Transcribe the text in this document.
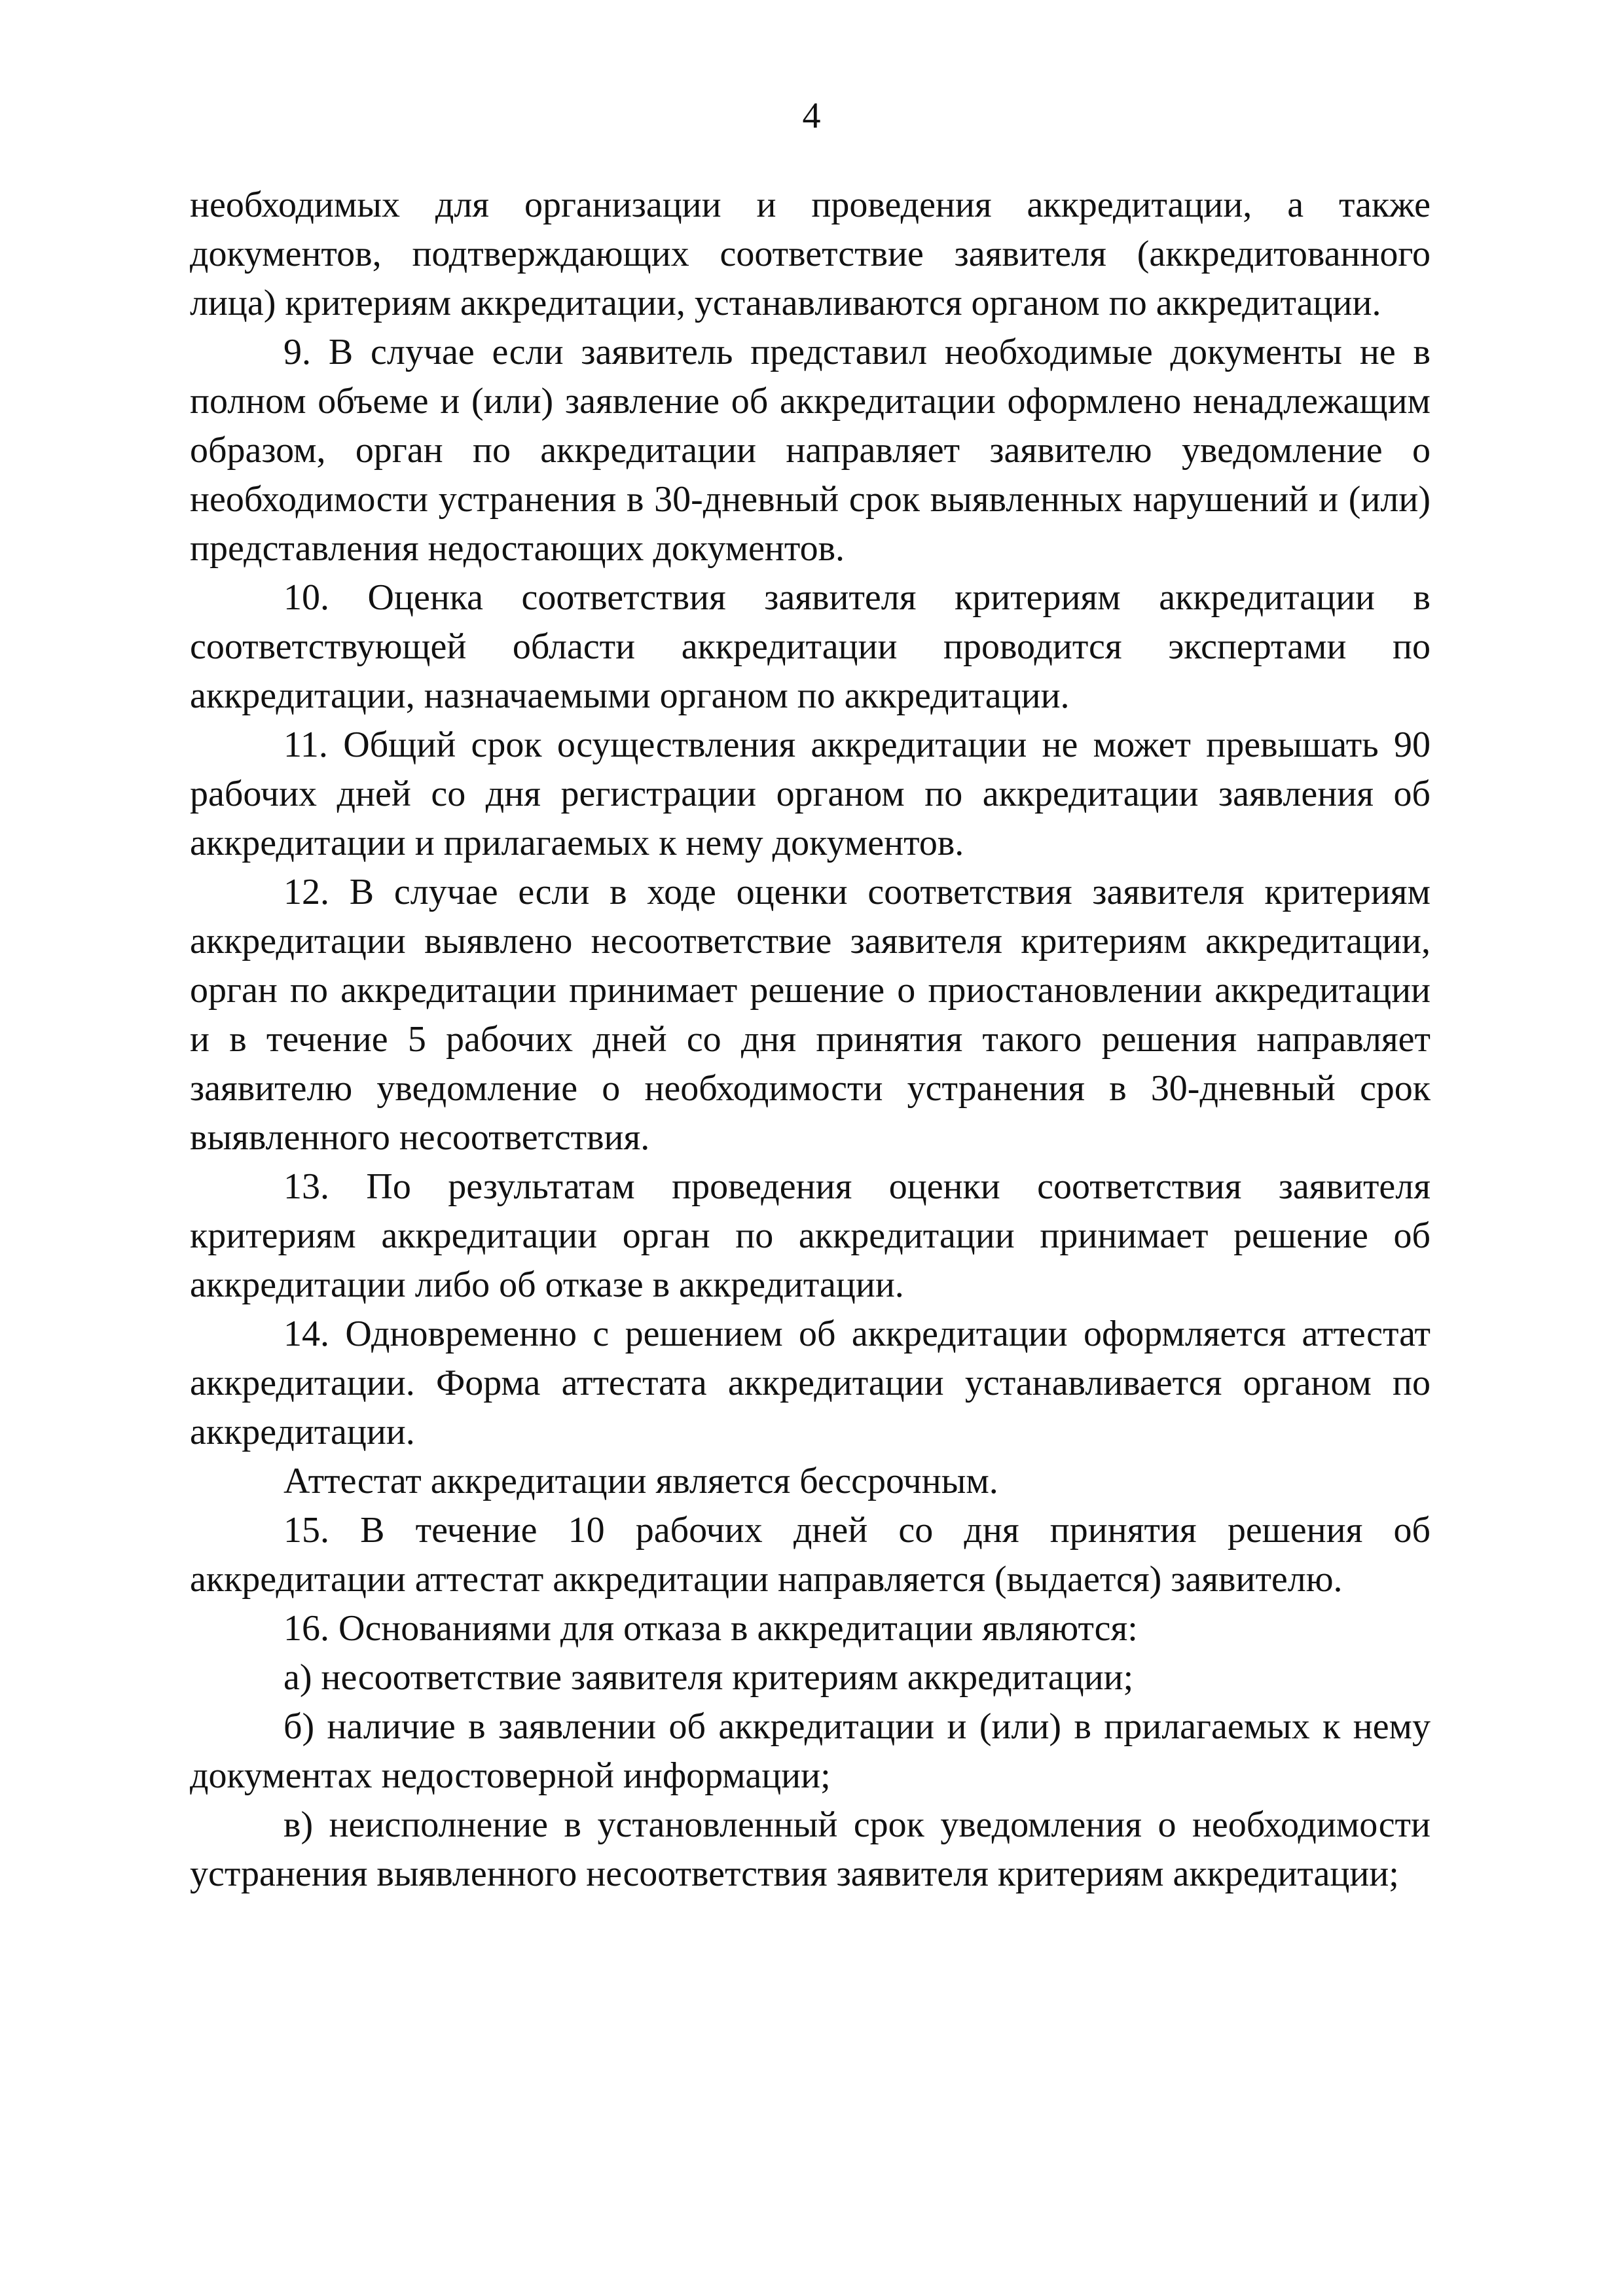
4

необходимых для организации и проведения аккредитации, а также документов, подтверждающих соответствие заявителя (аккредитованного лица) критериям аккредитации, устанавливаются органом по аккредитации.

9. В случае если заявитель представил необходимые документы не в полном объеме и (или) заявление об аккредитации оформлено ненадлежащим образом, орган по аккредитации направляет заявителю уведомление о необходимости устранения в 30-дневный срок выявленных нарушений и (или) представления недостающих документов.

10. Оценка соответствия заявителя критериям аккредитации в соответствующей области аккредитации проводится экспертами по аккредитации, назначаемыми органом по аккредитации.

11. Общий срок осуществления аккредитации не может превышать 90 рабочих дней со дня регистрации органом по аккредитации заявления об аккредитации и прилагаемых к нему документов.

12. В случае если в ходе оценки соответствия заявителя критериям аккредитации выявлено несоответствие заявителя критериям аккредитации, орган по аккредитации принимает решение о приостановлении аккредитации и в течение 5 рабочих дней со дня принятия такого решения направляет заявителю уведомление о необходимости устранения в 30-дневный срок выявленного несоответствия.

13. По результатам проведения оценки соответствия заявителя критериям аккредитации орган по аккредитации принимает решение об аккредитации либо об отказе в аккредитации.

14. Одновременно с решением об аккредитации оформляется аттестат аккредитации. Форма аттестата аккредитации устанавливается органом по аккредитации.

Аттестат аккредитации является бессрочным.

15. В течение 10 рабочих дней со дня принятия решения об аккредитации аттестат аккредитации направляется (выдается) заявителю.

16. Основаниями для отказа в аккредитации являются:

а) несоответствие заявителя критериям аккредитации;

б) наличие в заявлении об аккредитации и (или) в прилагаемых к нему документах недостоверной информации;

в) неисполнение в установленный срок уведомления о необходимости устранения выявленного несоответствия заявителя критериям аккредитации;
